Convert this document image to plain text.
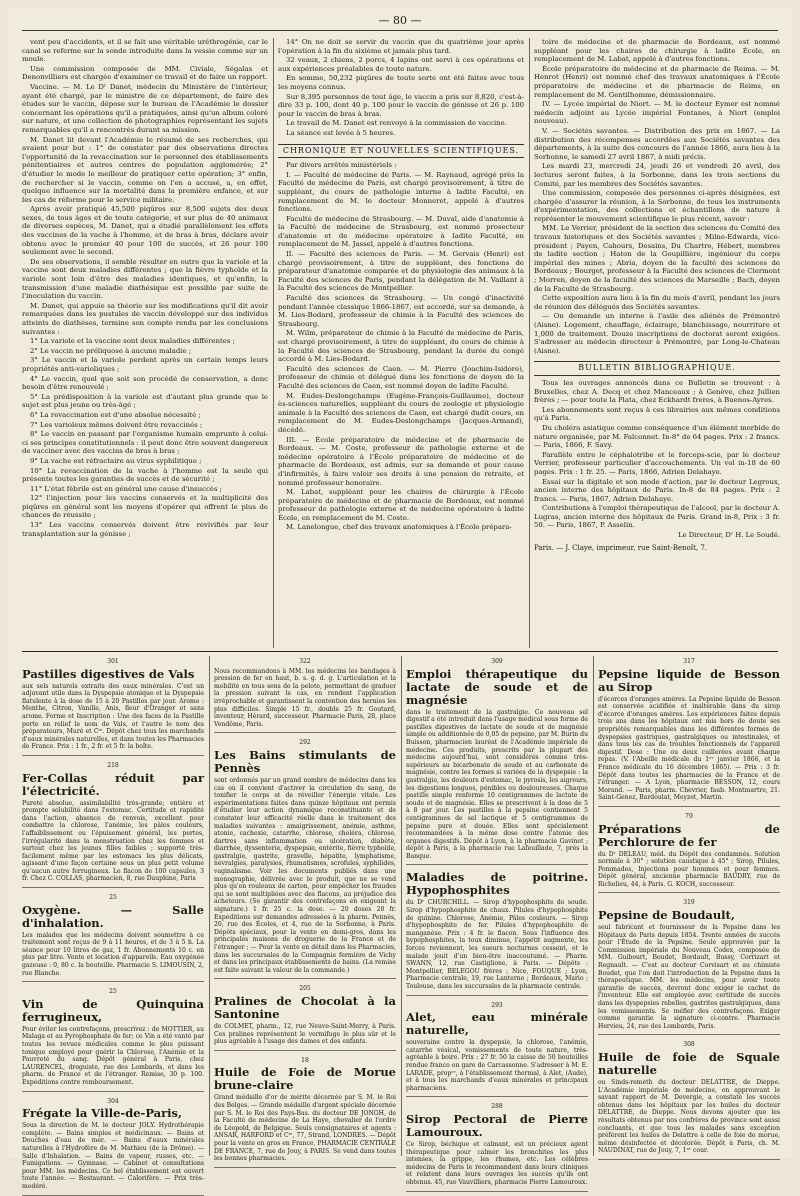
— 80 —

vent peu d'accidents, et il se fait une véritable uréthrogénie, car le canal se referme sur la sonde introduite dans la vessie comme sur un moule.

Une commission composée de MM. Civiale, Ségalas et Denonvilliers est chargée d'examiner ce travail et de faire un rapport.

Vaccine. — M. Le Dʳ Danet, médecin du Ministère de l'intérieur, ayant été chargé, par le ministre de ce département, de faire des études sur le vaccin, dépose sur le bureau de l'Académie le dossier concernant les opérations qu'il a pratiquées, ainsi qu'un album coloré sur nature, et une collection de photographies représentant les sujets remarquables qu'il a rencontrés durant sa mission.

M. Danet lit devant l'Académie le résumé de ses recherches, qui avaient pour but : 1° de constater par des observations directes l'opportunité de la revaccination sur le personnel des établissements pénitentiaires et autres centres de population agglomérée; 2° d'étudier le mode le meilleur de pratiquer cette opération; 3° enfin, de rechercher si le vaccin, comme on l'en a accusé, a, en effet, quelque influence sur la mortalité dans la première enfance, et sur les cas de réforme pour le service militaire.

Après avoir pratiqué 45,500 piqûres sur 8,500 sujets des deux sexes, de tous âges et de toute catégorie, et sur plus de 40 animaux de diverses espèces, M. Danet, qui a étudié parallèlement les effets des vaccines de la vache à l'homme, et de bras à bras, déclare avoir obtenu avec le premier 40 pour 100 de succès, et 26 pour 100 seulement avec le second.

De ses observations, il semble résulter en outre que la variole et la vaccine sont deux maladies différentes ; que la fièvre typhoïde et la variole sont loin d'être des maladies identiques, et qu'enfin, la transmission d'une maladie diathésique est possible par suite de l'inoculation du vaccin.

M. Danet, qui appuie sa théorie sur les modifications qu'il dit avoir remarquées dans les pustules de vaccin développé sur des individus atteints de diathèses, termine son compte rendu par les conclusions suivantes :

1° La variole et la vaccine sont deux maladies différentes ;

2° Le vaccin ne préliquose à aucune maladie ;

3° Le vaccin et la variole perdent après un certain temps leurs propriétés anti-varioliques ;

4° Le vaccin, quel que soit son procédé de conservation, a donc besoin d'être renouvelé ;

5° La prédisposition à la variole est d'autant plus grande que le sujet est plus jeune ou très-âgé ;

6° La revaccination est d'une absolue nécessité ;

7° Les varioleux mêmes doivent être revaccinés ;

8° Le vaccin en passant par l'organisme humain emprunte à celui-ci ses principes constitutionnels : il peut donc être souvent dangereux de vacciner avec des vaccins de bras à bras ;

9° La vache est réfractaire au virus syphilitique ;

10° La revaccination de la vache à l'homme est la seule qui présente toutes les garanties de succès et de sécurité ;

11° L'état fébrile est en général une cause d'insuccès ;

12° l'injection pour les vaccins conservés et la multiplicité des piqûres en général sont les moyens d'opérer qui offrent le plus de chances de réussite ;

13° Les vaccins conservés doivent être revivifiés par leur transplantation sur la génisse ;

14° On ne doit se servir du vaccin que du quatrième jour après l'opération à la fin du sixième et jamais plus tard.

32 veaux, 2 chiens, 2 porcs, 4 lapins ont servi à ces opérations et aux expériences préalables de toute nature.

En somme, 50,232 piqûres de toute sorte ont été faites avec tous les moyens connus.

Sur 8,395 personnes de tout âge, le vaccin a pris sur 8,820, c'est-à-dire 33 p. 100, dont 40 p. 100 pour le vaccin de génisse et 26 p. 100 pour le vaccin de bras à bras.

Le travail de M. Danet est renvoyé à la commission de vaccine.

La séance est levée à 5 heures.

CHRONIQUE ET NOUVELLES SCIENTIFIQUES.

Par divers arrêtés ministériels :

I. — Faculté de médecine de Paris. — M. Raynaud, agrégé près la Faculté de médecine de Paris, est chargé provisoirement, à titre de suppléant, du cours de pathologie interne à ladite Faculté, en remplacement de M. le docteur Monneret, appelé à d'autres fonctions.

Faculté de médecine de Strasbourg. — M. Duval, aide d'anatomie à la Faculté de médecine de Strasbourg, est nommé prosecteur d'anatomie et de médecine opératoire à ladite Faculté, en remplacement de M. Jassel, appelé à d'autres fonctions.

II. — Faculté des sciences de Paris. — M. Gervais (Henri) est chargé provisoirement, à titre de suppléant, des fonctions de préparateur d'anatomie comparée et de physiologie des animaux à la Faculté des sciences de Paris, pendant la délégation de M. Vaillant à la Faculté des sciences de Montpellier.

Faculté des sciences de Strasbourg. — Un congé d'inactivité pendant l'année classique 1866-1867, est accordé, sur sa demande, à M. Lies-Bodard, professeur de chimie à la Faculté des sciences de Strasbourg.

M. Wilm, préparateur de chimie à la Faculté de médecine de Paris, est chargé provisoirement, à titre de suppléant, du cours de chimie à la Faculté des sciences de Strasbourg, pendant la durée du congé accordé à M. Lies-Bodard.

Faculté des sciences de Caen. — M. Pierre (Joachim-Isidore), professeur de chimie et délégué dans les fonctions de doyen de la Faculté des sciences de Caen, est nommé doyen de ladite Faculté.

M. Eudes-Deslongchamps (Eugène-François-Guillaume), docteur ès-sciences naturelles, suppléant du cours de zoologie et physiologie animale à la Faculté des sciences de Caen, est chargé dudit cours, en remplacement de M. Eudes-Deslongchamps (Jacques-Armand), décédé.

III. — École préparatoire de médecine et de pharmacie de Bordeaux. — M. Coste, professeur de pathologie externe et de médecine opératoire à l'École préparatoire de médecine et de pharmacie de Bordeaux, est admis, sur sa demande et pour cause d'infirmités, à faire valoir ses droits à une pension de retraite, et nommé professeur honoraire.

M. Labat, suppléant pour les chaires de chirurgie à l'École préparatoire de médecine et de pharmacie de Bordeaux, est nommé professeur de pathologie externe et de médecine opératoire à ladite École, en remplacement de M. Coste.

M. Lanelongue, chef des travaux anatomiques à l'École prépara-

toire de médecine et de pharmacie de Bordeaux, est nommé suppléant pour les chaires de chirurgie à ladite École, en remplacement de M. Labat, appelé à d'autres fonctions.

École préparatoire de médecine et de pharmacie de Reims. — M. Henrot (Henri) est nommé chef des travaux anatomiques à l'École préparatoire de médecine et de pharmacie de Reims, en remplacement de M. Gentilhomme, démissionnaire.

IV. — Lycée impérial de Niort. — M. le docteur Eymer est nommé médecin adjoint au Lycée impérial Fontanes, à Niort (emploi nouveau).

V. — Sociétés savantes. — Distribution des prix en 1867. — La distribution des récompenses accordées aux Sociétés savantes des départements, à la suite des concours de l'année 1866, aura lieu à la Sorbonne, le samedi 27 avril 1867, à midi précis.

Les mardi 23, mercredi 24, jeudi 26 et vendredi 26 avril, des lectures seront faites, à la Sorbonne, dans les trois sections du Comité, par les membres des Sociétés savantes.

Une commission, composée des personnes ci-après désignées, est chargée d'assurer la réunion, à la Sorbonne, de tous les instruments d'expérimentation, des collections et échantillons de nature à représenter le mouvement scientifique le plus récent, savoir :

MM. Le Verrier, président de la section des sciences du Comité des travaux historiques et des Sociétés savantes ; Milne-Edwards, vice-président ; Payen, Cahours, Desains, Du Chartre, Hébert, membres de ladite section ; Haton de la Goupillière, ingénieur du corps impérial des mines ; Abria, doyen de la faculté des sciences de Bordeaux ; Bourget, professeur à la Faculté des sciences de Clermont ; Morren, doyen de la faculté des sciences de Marseille ; Bach, doyen de la Faculté de Strasbourg.

Cette exposition aura lieu à la fin du mois d'avril, pendant les jours de réunion des délégués des Sociétés savantes.

— On demande un interne à l'asile des aliénés de Prémontré (Aisne). Logement, chauffage, éclairage, blanchissage, nourriture et 1,000 de traitement. Douze inscriptions de doctorat seront exigées. S'adresser au médecin directeur à Prémontré, par Long-le-Chateau (Aisne).

BULLETIN BIBLIOGRAPHIQUE.

Tous les ouvrages annoncés dans ce Bulletin se trouvent : à Bruxelles, chez A. Decq et chez Manceaux ; à Genève, chez Jullien frères ; — pour toute la Plata, chez Eckhardt freres, à Buenos-Ayres.

Les abonnements sont reçus à ces librairies aux mêmes conditions qu'à Paris.

Du choléra asiatique comme conséquence d'un élément morbide de nature organisée, par M. Falconnet. In-8° de 64 pages. Prix : 2 francs. — Paris, 1866, F. Savy.

Parallèle entre le céphalotribe et le forceps-scie, par le docteur Verrier, professeur particulier d'accouchements. Un vol in-18 de 60 pages. Prix : 1 fr. 25. — Paris, 1866, Adrien Delahaye.

Essai sur la digitale et son mode d'action, par le docteur Legroux, ancien interne des hôpitaux de Paris. In-8 de 84 pages. Prix : 2 francs. — Paris, 1867, Adrien Delahaye.

Contributions à l'emploi thérapeutique de l'alcool, par le docteur A. Lugras, ancien interne des hôpitaux de Paris. Grand in-8, Prix : 3 fr. 50. — Paris, 1867, P. Asselin.

Le Directeur, Dʳ H. Le Soudé.
Paris. — J. Claye, imprimeur, rue Saint-Benoît, 7.
301
Pastilles digestives de Vals
aux sels naturels extraits des eaux minérales. C'est un adjuvant utile dans la Dyspepsie atonique et la Dyspepsie flatulente à la dose de 15 à 20 Pastilles par jour. Arome : Menthe, Citron, Vanille, Anis, fleur d'Oranger et sans arome. Forme et Inscription : Une des faces de la Pastille porte en relief le nom de Vals, et l'autre le nom des préparateurs, Muré et Cᶦᵉ. Dépôt chez tous les marchands d'eaux minérales naturelles, et dans toutes les Pharmacies de France. Prix : 1 fr., 2 fr. et 5 fr. la boîte.
218
Fer-Collas réduit par l'électricité.
Pureté absolue, assimilabilité très-grande; entière et prompte solubilité dans l'estomac. Certitude et rapidité dans l'action, absence de renvois, excellent pour combattre la chlorose, l'anémie, les pâles couleurs, l'affaiblissement ou l'épuisement général, les pertes, l'irrégularité dans la menstruation chez les femmes et surtout chez les jeunes filles faibles ; supporté très-facilement même par les estomacs les plus délicats, agissant d'une façon certaine sous un plus petit volume qu'aucun autre ferrugineux. Le flacon de 100 capsules, 3 fr. Chez C. COLLAS, pharmacien, 8, rue Dauphine, Paris
25
Oxygène. — Salle d'inhalation.
Les malades que les médecins doivent soumettre à ce traitement sont reçus de 9 à 11 heures, et de 3 à 5 h. La séance pour 10 litres de gaz, 1 fr. Abonnements 10 c. en plus par litre. Vente et location d'appareils. Eau oxygénée gazeuse : 0, 80 c. la bouteille. Pharmacie S. LIMOUSIN, 2, rue Blanche.
25
Vin de Quinquina ferrugineux,
Pour éviter les contrefaçons, prescrivez : de MOTTIER, au Malaga et au Pyrophosphate de fer; ce Vin a été vanté par toutes les revues médicales comme le plus puissant tonique employé pour guérir la Chlorose, l'Anémie et la Pauvreté du sang. Dépôt général à Paris, chez LAURENCEL, droguiste, rue des Lombards, et dans les pharm. de France et de l'étranger. Remise, 30 p. 100. Expéditions contre remboursement.
304
Frégate la Ville-de-Paris,
Sous la direction de M. le docteur JOLY. Hydrothérapie complète. — Bains simples et médicinaux. — Bains et Douches d'eau de mer. — Bains d'eaux minérales naturelles à l'Hydrofère de M. Mathieu (de la Drôme). — Salle d'Inhalation. — Bains de vapeur, russes, etc. — Fumigations. — Gymnase. — Cabinet et consultations pour MM. les médecins. Ce bel établissement est ouvert toute l'année. — Restaurant. — Calorifère. — Prix très-modéré.
322
Nous recommandons à MM. les médecins les bandages à pression de fer en haut, b. s. g. d. g. L'articulation et la mobilité en tous sens de la pelote, permettant de graduer la pression suivant le cas, en rendent l'application irréprochable et garantissent la contention des hernies les plus difficiles. Simple 15 fr., double 25 fr. Goutard, inventeur, Hérard, successeur. Pharmacie Paris, 28, place Vendôme, Paris.
292
Les Bains stimulants de Pennès
sont ordonnés par un grand nombre de médecins dans les cas où il convient d'activer la circulation du sang, de tonifier le corps et de réveiller l'énergie vitale. Les expérimentations faites dans quinze hôpitaux ont permis d'étudier leur action dynamique reconstituante et de constater leur efficacité réelle dans le traitement des maladies suivantes : amaigrissement, anémie, asthme, atonie, cachexie, catarrhe, chlorose, choléra, chlorose, dartres sans inflammation ou ulcération, diabète, diarrhée, dyssenterie, dyspepsie, entérite, fièvre typhoïde, gastralgie, gastrite, gravelle, hépatite, lymphatisme, névralgies, paralysies, rhumatismes, scrofules, syphilides, vaginalisme. Voir les documents publiés dans une monographie, délivrée avec le produit, que ne se vend plus qu'en rouleaux de carton, pour empêcher les fraudes qui se sont multipliées avec des flacons, au préjudice des acheteurs. (Se garantir des contrefaçons en exigeant la signature.) 1 fr. 25 c. la dose. — 20 doses 20 fr. Expéditions sur demandes adressées à la pharm. Pennès, 20, rue des Écoles, et 4, rue de la Sorbonne, à Paris. Dépôts spéciaux, pour la vente en demi-gros, dans les principales maisons de droguerie de la France et de l'étranger ; — Pour la vente en détail dans les Pharmacies, dans les succursales de la Compagnie fermière de Vichy et dans les principaux établissements de bains. (La remise est faite suivant la valeur de la commande.)
205
Pralines de Chocolat à la Santonine
de COLMET, pharm., 12, rue Neuve-Saint-Merry, à Paris. Ces pralines représentent le vermifuge le plus sûr et le plus agréable à l'usage des dames et des enfants.
18
Huile de Foie de Morue brune-claire
Grand médaille d'or de mérite décernée par S. M. le Roi des Belges. — Grande médaille d'argent spéciale décernée par S. M. le Roi des Pays-Bas. du docteur DE JONGH, de la Faculté de médecine de La Haye, chevalier de l'ordre de Léopold, de Belgique. Seuls consignataires et agents : ANSAR, HARFORD et Cᶦᵉ, 77, Strand, LONDRES. — Dépôt pour la vente en gros en France, PHARMACIE CENTRALE DE FRANCE, 7, rue de Jouy, à PARIS. Se vend dans toutes les bonnes pharmacies.
309
Emploi thérapeutique du lactate de soude et de magnésie
dans le traitement de la gastralgie. Ce nouveau sel digestif a été introduit dans l'usage médical sous forme de pastilles digestives de lactate de soude et de magnésie simple ou additionnée de 0,05 de pepsine, par M. Burin du Buisson, pharmacien lauréat de l'Académie impériale de médecine. Ces produits, prescrits par la plupart des médecins aujourd'hui, sont considérés comme très-supérieurs au bicarbonate de soude et au carbonate de magnésie, contre les formes si variées de la dyspepsie : la gastralgie, les douleurs d'estomac, le pyrosis, les aigreurs, les digestions longues, pénibles ou douloureuses. Chaque pastille simple renferme 10 centigrammes de lactate de soude et de magnésie. Elles se prescrivent à la dose de 5 à 8 par jour. Les pastilles à la pepsine contiennent 5 centigrammes de sel lactique et 5 centigrammes de pepsine pure et douée. Elles sont spécialement recommandées à la même dose contre l'atonie des organes digestifs. Dépôt à Lyon, à la pharmacie Gavinet ; dépôt à Paris, à la pharmacie rue Lafeuillade, 7, près la Banque.
Maladies de poitrine. Hypophosphites
du Dʳ CHURCHILL. — Sirop d'hypophosphite de soude. Sirop d'hypophosphite de chaux. Pilules d'hypophosphite de quinine. Chlorose, Anémie, Pâles couleurs. — Sirop d'hypophosphite de fer. Pilules d'hypophosphite de manganèse. Prix : 4 fr. le flacon. Sous l'influence des hypophosphites, la toux diminue, l'appétit augmente, les forces reviennent, les sueurs nocturnes cessent, et le malade jouit d'un bien-être inaccoutumé. — Pharm. SWANN, 12, rue Castiglione, à Paris. — Dépôts : Montpellier, BELEGOU frères ; Nice, FOUQUE ; Lyon, Pharmacie centrale, 19, rue Lanterne ; Bordeaux, Mario ; Toulouse, dans les succursales de la pharmacie centrale.
293
Alet, eau minérale naturelle,
souveraine contre la dyspepsie, la chlorose, l'anémie, catarrhe vésical, vomissements de toute nature, très-agréable à boire. Prix : 27 fr. 50 la caisse de 50 bouteilles rendue franco en gare de Carcassonne. S'adresser à M. E. LARADE, propʳᵉ, à l'établissement thermal, à Alet, (Aude), et à tous les marchands d'eaux minérales et principaux pharmaciens.
288
Sirop Pectoral de Pierre Lamouroux.
Ce Sirop, béchique et calmant, est un précieux agent thérapeutique pour calmer les bronchites les plus intenses, la grippe, les rhumes, etc. Les célèbres médecins de Paris le recommandent dans leurs cliniques et relatent dans leurs ouvrages les succès qu'ils ont obtenus. 45, rue Vauvilliers, pharmacie Pierre Lamouroux.
317
Pepsine liquide de Besson au Sirop
d'écorces d'oranges amères. La Pepsine liquide de Besson est conservée acidifiée et inaltérable dans du sirop d'écorce d'oranges amères. Les expériences faites depuis trois ans dans les hôpitaux ont mis hors de doute ses propriétés remarquables dans les différentes formes de dyspepsies gastriques, gastralgiques ou intestinales, et dans tous les cas de troubles fonctionnels de l'appareil digestif. Dose : Une ou deux cuillerées avant chaque repas. (V. l'Abeille médicale du 1ᵉʳ janvier 1866, et la France médicale du 16 décembre 1865). — Prix : 3 fr. Dépôt dans toutes les pharmacies de la France et de l'étranger. — A Lyon, pharmacie BESSON, 12, cours Morand. — Paris, pharm. Chevrier, faub. Montmartre, 21. Saint-Genez, Bardoulat, Meyzet, Martin.
79
Préparations de Perchlorure de fer
du Dʳ DELEAU, méd. du Dépôt des condamnés. Solution normale à 30° ; solution caustique à 45° ; Sirop, Pilules, Pommades, Injections pour hommes et pour femmes. Dépôt général, ancienne pharmacie BAUDRY, rue de Richelieu, 44, à Paris. G. KOCH, successeur.
319
Pepsine de Boudault,
seul fabricant et fournisseur de la Pepsine dans les Hôpitaux de Paris depuis 1854. Trente années de succès pour l'Étude de la Pepsine. Seule approuvée par la Commission impériale du Nouveau Codex, composée de MM. Guibourt, Boudet, Bordault, Bussy, Corrizart et Regnault. — C'est au docteur Corvisart et au chimiste Boudet, que l'on doit l'introduction de la Pepsine dans la thérapeutique. MM. les médecins, pour avoir toute garantie de succès, devront donc exiger le cachet de l'inventeur. Elle est employée avec certitude de succès dans les dyspepsies rebelles, gastrites gastralgiques, dans les vomissements. Se méfier des contrefaçons. Exiger comme garantie la signature ci-contre. Pharmacie Hervieu, 24, rue des Lombards, Paris.
308
Huile de foie de Squale naturelle
ou Sinds-remeth du docteur DELATTRE, de Dieppe. L'Académie impériale de médecine, en approuvant le savant rapport de M. Devergie, a constaté les succès obtenus dans les hôpitaux par les huiles du docteur DELATTRE, de Dieppe. Nous devons ajouter que les résultats obtenus par nos confrères de province sont aussi concluants, et que tous les malades sans exception préfèrent les huiles de Delattre à celle de foie de morue, même désinfectée et décolorée. Dépôt à Paris, ch. M. NAUDINAT, rue de Jouy, 7, 1ᵉʳ cour.
